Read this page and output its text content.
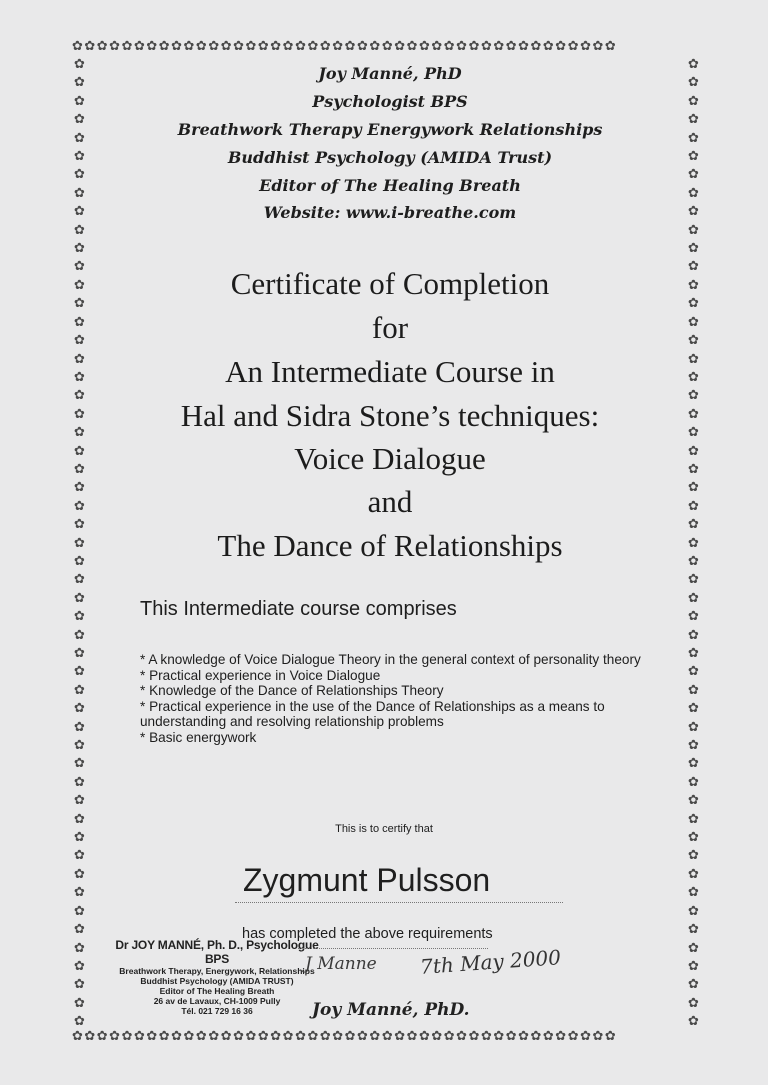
✿✿✿✿✿✿✿✿✿✿✿✿✿✿✿✿✿✿✿✿✿✿✿✿✿✿✿✿✿✿✿✿✿✿✿✿✿✿✿✿✿✿✿✿
✿✿✿✿✿✿✿✿✿✿✿✿✿✿✿✿✿✿✿✿✿✿✿✿✿✿✿✿✿✿✿✿✿✿✿✿✿✿✿✿✿✿✿✿
✿✿✿✿✿✿✿✿✿✿✿✿✿✿✿✿✿✿✿✿✿✿✿✿✿✿✿✿✿✿✿✿✿✿✿✿✿✿✿✿✿✿✿✿✿✿✿✿✿✿✿✿✿
✿✿✿✿✿✿✿✿✿✿✿✿✿✿✿✿✿✿✿✿✿✿✿✿✿✿✿✿✿✿✿✿✿✿✿✿✿✿✿✿✿✿✿✿✿✿✿✿✿✿✿✿✿
Joy Manné, PhD
Psychologist BPS
Breathwork Therapy Energywork Relationships
Buddhist Psychology (AMIDA Trust)
Editor of The Healing Breath
Website: www.i-breathe.com
Certificate of Completion
for
An Intermediate Course in
Hal and Sidra Stone’s techniques:
Voice Dialogue
and
The Dance of Relationships
This Intermediate course comprises
* A knowledge of Voice Dialogue Theory in the general context of personality theory
* Practical experience in Voice Dialogue
* Knowledge of the Dance of Relationships Theory
* Practical experience in the use of the Dance of Relationships as a means to understanding and resolving relationship problems
* Basic energywork
This is to certify that
Zygmunt Pulsson
has completed the above requirements
Dr JOY MANNÉ, Ph. D., Psychologue BPS
Breathwork Therapy, Energywork, Relationships
Buddhist Psychology (AMIDA TRUST)
Editor of The Healing Breath
26 av de Lavaux, CH-1009 Pully
Tél. 021 729 16 36
J Manne 7th May 2000
Joy Manné, PhD.
